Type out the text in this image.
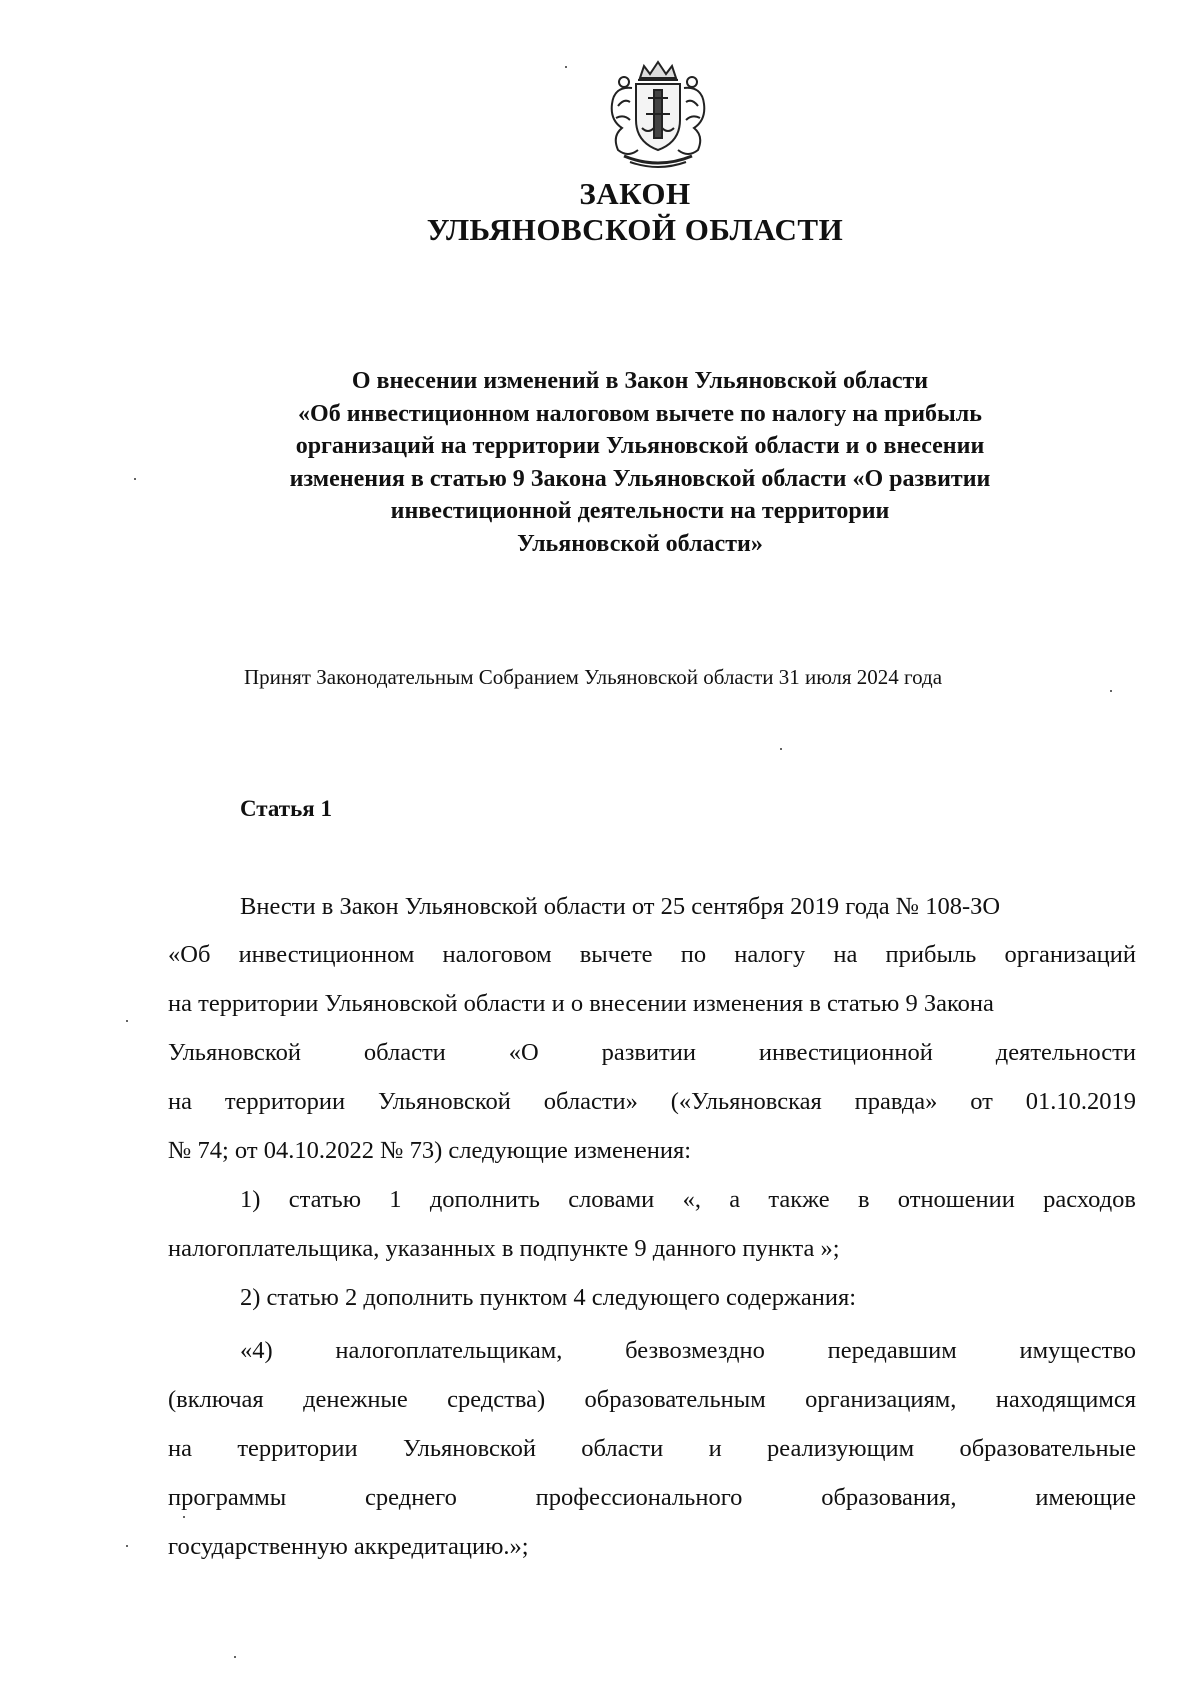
ЗАКОН
УЛЬЯНОВСКОЙ ОБЛАСТИ
О внесении изменений в Закон Ульяновской области
«Об инвестиционном налоговом вычете по налогу на прибыль
организаций на территории Ульяновской области и о внесении
изменения в статью 9 Закона Ульяновской области «О развитии
инвестиционной деятельности на территории
Ульяновской области»
Принят Законодательным Собранием Ульяновской области 31 июля 2024 года
Статья 1
Внести в Закон Ульяновской области от 25 сентября 2019 года № 108-ЗО
«Об инвестиционном налоговом вычете по налогу на прибыль организаций
на территории Ульяновской области и о внесении изменения в статью 9 Закона
Ульяновской области «О развитии инвестиционной деятельности
на территории Ульяновской области» («Ульяновская правда» от 01.10.2019
№ 74; от 04.10.2022 № 73) следующие изменения:
1) статью 1 дополнить словами «, а также в отношении расходов
налогоплательщика, указанных в подпункте 9 данного пункта »;
2) статью 2 дополнить пунктом 4 следующего содержания:
«4) налогоплательщикам, безвозмездно передавшим имущество
(включая денежные средства) образовательным организациям, находящимся
на территории Ульяновской области и реализующим образовательные
программы среднего профессионального образования, имеющие
государственную аккредитацию.»;
